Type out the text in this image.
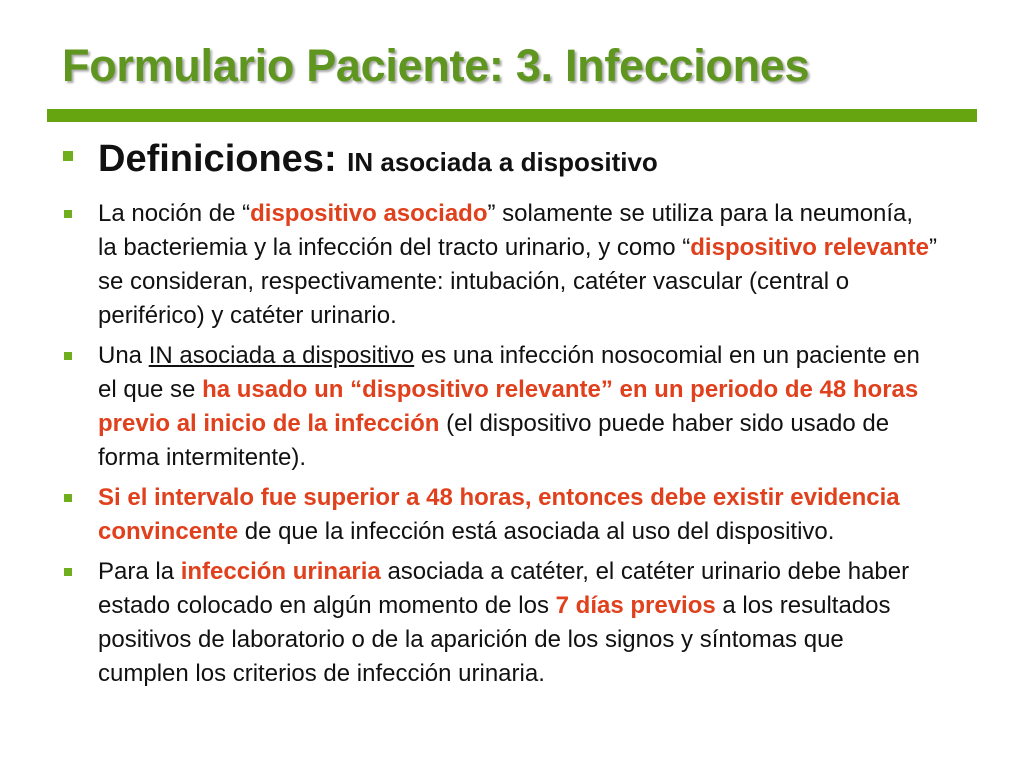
Formulario Paciente: 3. Infecciones
Definiciones: IN asociada a dispositivo
La noción de “dispositivo asociado” solamente se utiliza para la neumonía, la bacteriemia y la infección del tracto urinario, y como “dispositivo relevante” se consideran, respectivamente: intubación, catéter vascular (central o periférico) y catéter urinario.
Una IN asociada a dispositivo es una infección nosocomial en un paciente en el que se ha usado un “dispositivo relevante” en un periodo de 48 horas previo al inicio de la infección (el dispositivo puede haber sido usado de forma intermitente).
Si el intervalo fue superior a 48 horas, entonces debe existir evidencia convincente de que la infección está asociada al uso del dispositivo.
Para la infección urinaria asociada a catéter, el catéter urinario debe haber estado colocado en algún momento de los 7 días previos a los resultados positivos de laboratorio o de la aparición de los signos y síntomas que cumplen los criterios de infección urinaria.
